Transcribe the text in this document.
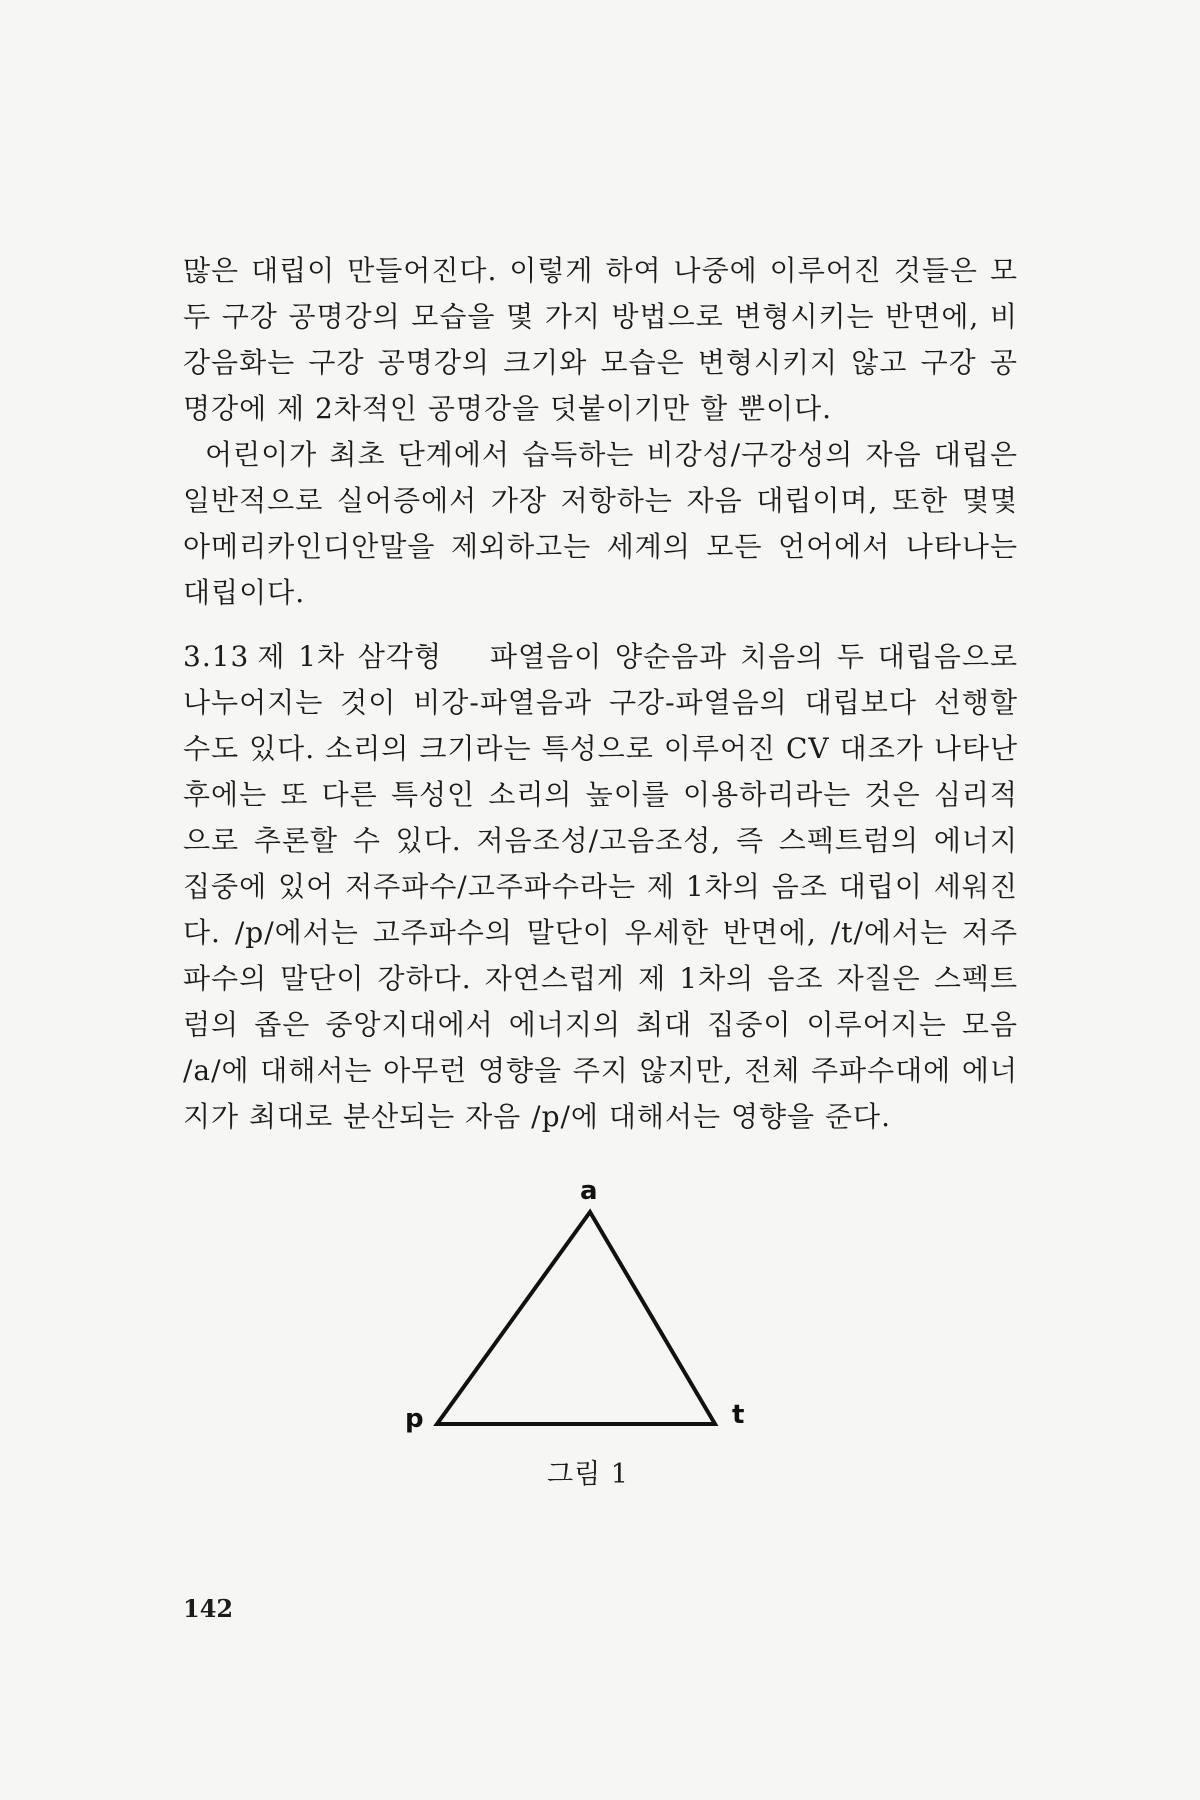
많은 대립이 만들어진다. 이렇게 하여 나중에 이루어진 것들은 모두 구강 공명강의 모습을 몇 가지 방법으로 변형시키는 반면에, 비강음화는 구강 공명강의 크기와 모습은 변형시키지 않고 구강 공명강에 제 2차적인 공명강을 덧붙이기만 할 뿐이다.

어린이가 최초 단계에서 습득하는 비강성/구강성의 자음 대립은 일반적으로 실어증에서 가장 저항하는 자음 대립이며, 또한 몇몇 아메리카인디안말을 제외하고는 세계의 모든 언어에서 나타나는 대립이다.

3.13 제 1차 삼각형 파열음이 양순음과 치음의 두 대립음으로 나누어지는 것이 비강-파열음과 구강-파열음의 대립보다 선행할 수도 있다. 소리의 크기라는 특성으로 이루어진 CV 대조가 나타난 후에는 또 다른 특성인 소리의 높이를 이용하리라는 것은 심리적으로 추론할 수 있다. 저음조성/고음조성, 즉 스펙트럼의 에너지 집중에 있어 저주파수/고주파수라는 제 1차의 음조 대립이 세워진다. /p/에서는 고주파수의 말단이 우세한 반면에, /t/에서는 저주파수의 말단이 강하다. 자연스럽게 제 1차의 음조 자질은 스펙트럼의 좁은 중앙지대에서 에너지의 최대 집중이 이루어지는 모음 /a/에 대해서는 아무런 영향을 주지 않지만, 전체 주파수대에 에너지가 최대로 분산되는 자음 /p/에 대해서는 영향을 준다.

a
p	t
그림 1
142
